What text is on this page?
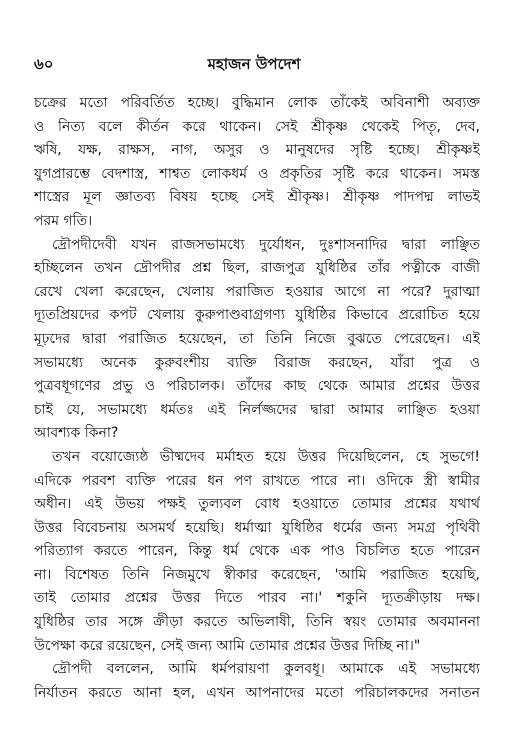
৬০	মহাজন উপদেশ
চক্রের মতো পরিবর্তিত হচ্ছে। বুদ্ধিমান লোক তাঁকেই অবিনাশী অব্যক্ত
ও নিত্য বলে কীর্তন করে থাকেন। সেই শ্রীকৃষ্ণ থেকেই পিতৃ, দেব,
ঋষি, যক্ষ, রাক্ষস, নাগ, অসুর ও মানুষদের সৃষ্টি হচ্ছে। শ্রীকৃষ্ণই
যুগপ্রারম্ভে বেদশাস্ত্র, শাশ্বত লোকধর্ম ও প্রকৃতির সৃষ্টি করে থাকেন। সমস্ত
শাস্ত্রের মূল জ্ঞাতব্য বিষয় হচ্ছে সেই শ্রীকৃষ্ণ। শ্রীকৃষ্ণ পাদপদ্ম লাভই
পরম গতি।
দ্রৌপদীদেবী যখন রাজসভামধ্যে দুর্যোধন, দুঃশাসনাদির দ্বারা লাঞ্ছিত
হচ্ছিলেন তখন দ্রৌপদীর প্রশ্ন ছিল, রাজপুত্র যুধিষ্ঠির তাঁর পত্নীকে বাজী
রেখে খেলা করেছেন, খেলায় পরাজিত হওয়ার আগে না পরে? দুরাত্মা
দ্যূতপ্রিয়দের কপট খেলায় কুরুপাণ্ডবাগ্রগণ্য যুধিষ্ঠির কিভাবে প্ররোচিত হয়ে
মূঢ়দের দ্বারা পরাজিত হয়েছেন, তা তিনি নিজে বুঝতে পেরেছেন। এই
সভামধ্যে অনেক কুরুবংশীয় ব্যক্তি বিরাজ করছেন, যাঁরা পুত্র ও
পুত্রবধূগণের প্রভু ও পরিচালক। তাঁদের কাছ থেকে আমার প্রশ্নের উত্তর
চাই যে, সভামধ্যে ধর্মতঃ এই নির্লজ্জদের দ্বারা আমার লাঞ্ছিত হওয়া
আবশ্যক কিনা?
তখন বয়োজ্যেষ্ঠ ভীষ্মদেব মর্মাহত হয়ে উত্তর দিয়েছিলেন, হে সুভগে!
এদিকে পরবশ ব্যক্তি পরের ধন পণ রাখতে পারে না। ওদিকে স্ত্রী স্বামীর
অধীন। এই উভয় পক্ষই তুল্যবল বোধ হওয়াতে তোমার প্রশ্নের যথার্থ
উত্তর বিবেচনায় অসমর্থ হয়েছি। ধর্মাত্মা যুধিষ্ঠির ধর্মের জন্য সমগ্র পৃথিবী
পরিত্যাগ করতে পারেন, কিন্তু ধর্ম থেকে এক পাও বিচলিত হতে পারেন
না। বিশেষত তিনি নিজমুখে স্বীকার করেছেন, 'আমি পরাজিত হয়েছি,
তাই তোমার প্রশ্নের উত্তর দিতে পারব না।' শকুনি দ্যূতক্রীড়ায় দক্ষ।
যুধিষ্ঠির তার সঙ্গে ক্রীড়া করতে অভিলাষী, তিনি স্বয়ং তোমার অবমাননা
উপেক্ষা করে রয়েছেন, সেই জন্য আমি তোমার প্রশ্নের উত্তর দিচ্ছি না।"
দ্রৌপদী বললেন, আমি ধর্মপরায়ণা কুলবধূ। আমাকে এই সভামধ্যে
নির্যাতন করতে আনা হল, এখন আপনাদের মতো পরিচালকদের সনাতন
